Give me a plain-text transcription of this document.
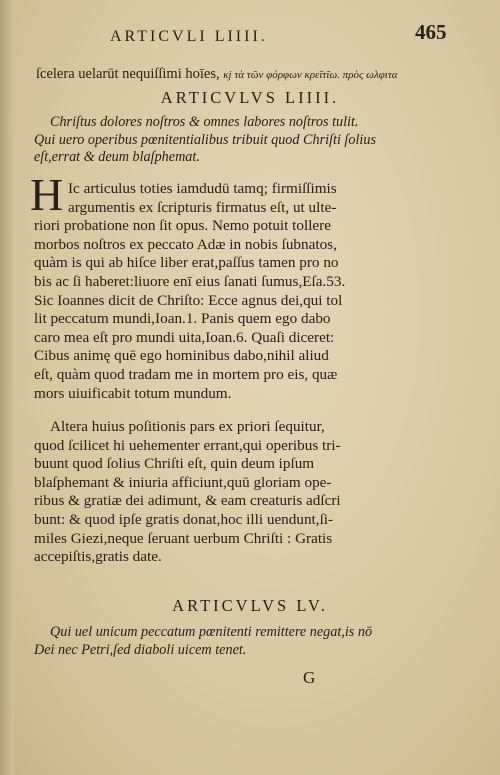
ARTICVLI LIIII.	465
ſcelera uelarūt nequiſſimi hoīes, κϳ τὰ τῶν φόρφων κρεῖτῖω. πρὸς ωλφιτα
ARTICVLVS LIIII.
Chriſtus dolores noſtros & omnes labores noſtros tulit.
Qui uero operibus pœnitentialibus tribuit quod Chriſti ſolius
eſt,errat & deum blaſphemat.
H Ic articulus toties iamdudū tamq; firmiſſimis
argumentis ex ſcripturis firmatus eſt, ut ulte-
riori probatione non ſit opus. Nemo potuit tollere
morbos noſtros ex peccato Adæ in nobis ſubnatos,
quàm is qui ab hiſce liber erat,paſſus tamen pro no
bis ac ſi haberet:liuore enī eius ſanati ſumus,Eſa.53.
Sic Ioannes dicit de Chriſto: Ecce agnus dei,qui tol
lit peccatum mundi,Ioan.1. Panis quem ego dabo
caro mea eſt pro mundi uita,Ioan.6. Quaſi diceret:
Cibus animę quē ego hominibus dabo,nihil aliud
eſt, quàm quod tradam me in mortem pro eis, quæ
mors uiuificabit totum mundum.
Altera huius poſitionis pars ex priori ſequitur,
quod ſcilicet hi uehementer errant,qui operibus tri-
buunt quod ſolius Chriſti eſt, quin deum ipſum
blaſphemant & iniuria afficiunt,quū gloriam ope-
ribus & gratiæ dei adimunt, & eam creaturis adſcri
bunt: & quod ipſe gratis donat,hoc illi uendunt,ſi-
miles Giezi,neque ſeruant uerbum Chriſti : Gratis
accepiſtis,gratis date.
ARTICVLVS LV.
Qui uel unicum peccatum pœnitenti remittere negat,is nō
Dei nec Petri,ſed diaboli uicem tenet.
G
